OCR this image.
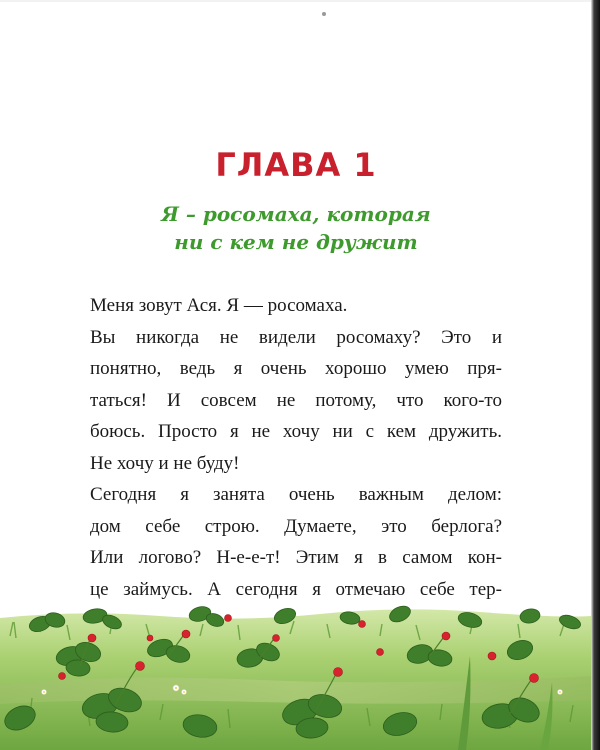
ГЛАВА 1
Я – росомаха, которая
ни с кем не дружит
Меня зовут Ася. Я — росомаха.
Вы никогда не видели росомаху? Это и
понятно, ведь я очень хорошо умею пря-
таться! И совсем не потому, что кого-то
боюсь. Просто я не хочу ни с кем дружить.
Не хочу и не буду!
Сегодня я занята очень важным делом:
дом себе строю. Думаете, это берлога?
Или логово? Н-е-е-т! Этим я в самом кон-
це займусь. А сегодня я отмечаю себе тер-
